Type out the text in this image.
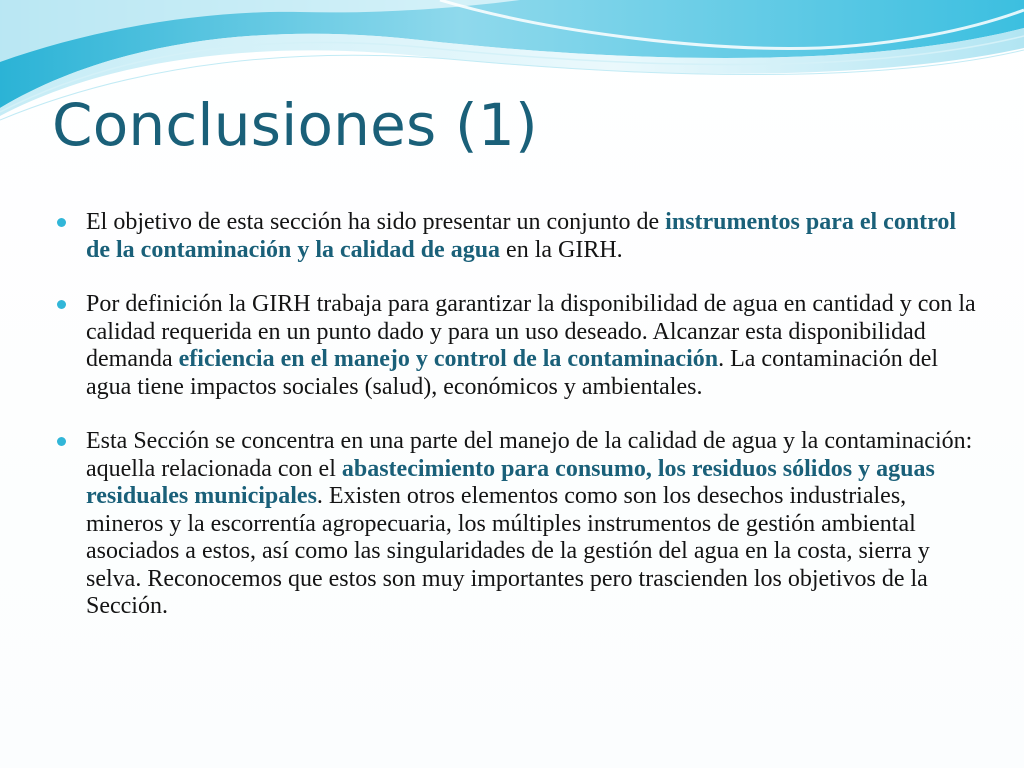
Conclusiones (1)
El objetivo de esta sección ha sido presentar un conjunto de instrumentos para el control de la contaminación y la calidad de agua en la GIRH.
Por definición la GIRH trabaja para garantizar la disponibilidad de agua en cantidad y con la calidad requerida en un punto dado y para un uso deseado. Alcanzar esta disponibilidad demanda eficiencia en el manejo y control de la contaminación. La contaminación del agua tiene impactos sociales (salud), económicos y ambientales.
Esta Sección se concentra en una parte del manejo de la calidad de agua y la contaminación: aquella relacionada con el abastecimiento para consumo, los residuos sólidos y aguas residuales municipales. Existen otros elementos como son los desechos industriales, mineros y la escorrentía agropecuaria, los múltiples instrumentos de gestión ambiental asociados a estos, así como las singularidades de la gestión del agua en la costa, sierra y selva. Reconocemos que estos son muy importantes pero trascienden los objetivos de la Sección.
